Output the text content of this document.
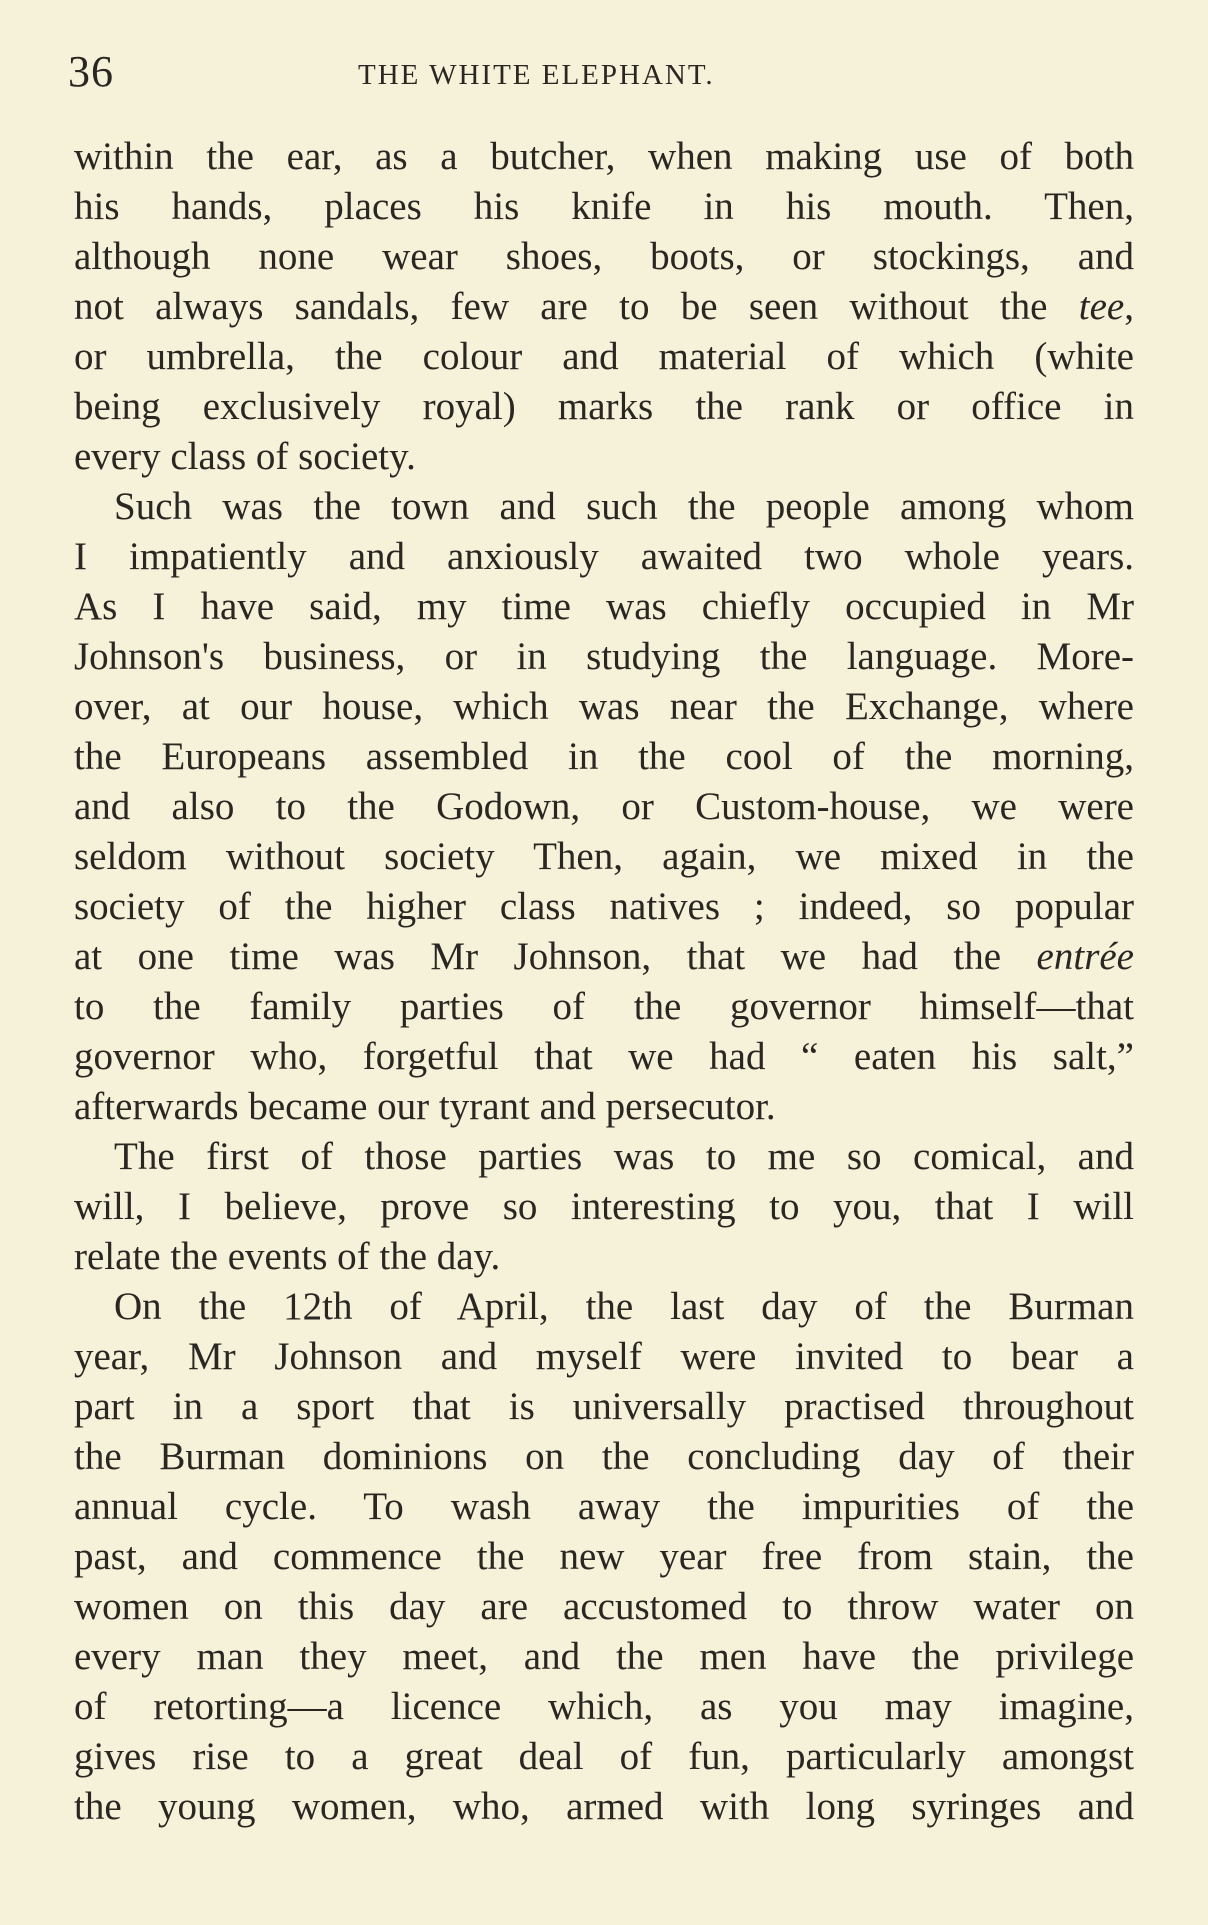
36	THE WHITE ELEPHANT.
within the ear, as a butcher, when making use of both
his hands, places his knife in his mouth. Then,
although none wear shoes, boots, or stockings, and
not always sandals, few are to be seen without the tee,
or umbrella, the colour and material of which (white
being exclusively royal) marks the rank or office in
every class of society.
Such was the town and such the people among whom
I impatiently and anxiously awaited two whole years.
As I have said, my time was chiefly occupied in Mr
Johnson's business, or in studying the language. More-
over, at our house, which was near the Exchange, where
the Europeans assembled in the cool of the morning,
and also to the Godown, or Custom-house, we were
seldom without society Then, again, we mixed in the
society of the higher class natives ; indeed, so popular
at one time was Mr Johnson, that we had the entrée
to the family parties of the governor himself—that
governor who, forgetful that we had “ eaten his salt,”
afterwards became our tyrant and persecutor.
The first of those parties was to me so comical, and
will, I believe, prove so interesting to you, that I will
relate the events of the day.
On the 12th of April, the last day of the Burman
year, Mr Johnson and myself were invited to bear a
part in a sport that is universally practised throughout
the Burman dominions on the concluding day of their
annual cycle. To wash away the impurities of the
past, and commence the new year free from stain, the
women on this day are accustomed to throw water on
every man they meet, and the men have the privilege
of retorting—a licence which, as you may imagine,
gives rise to a great deal of fun, particularly amongst
the young women, who, armed with long syringes and
